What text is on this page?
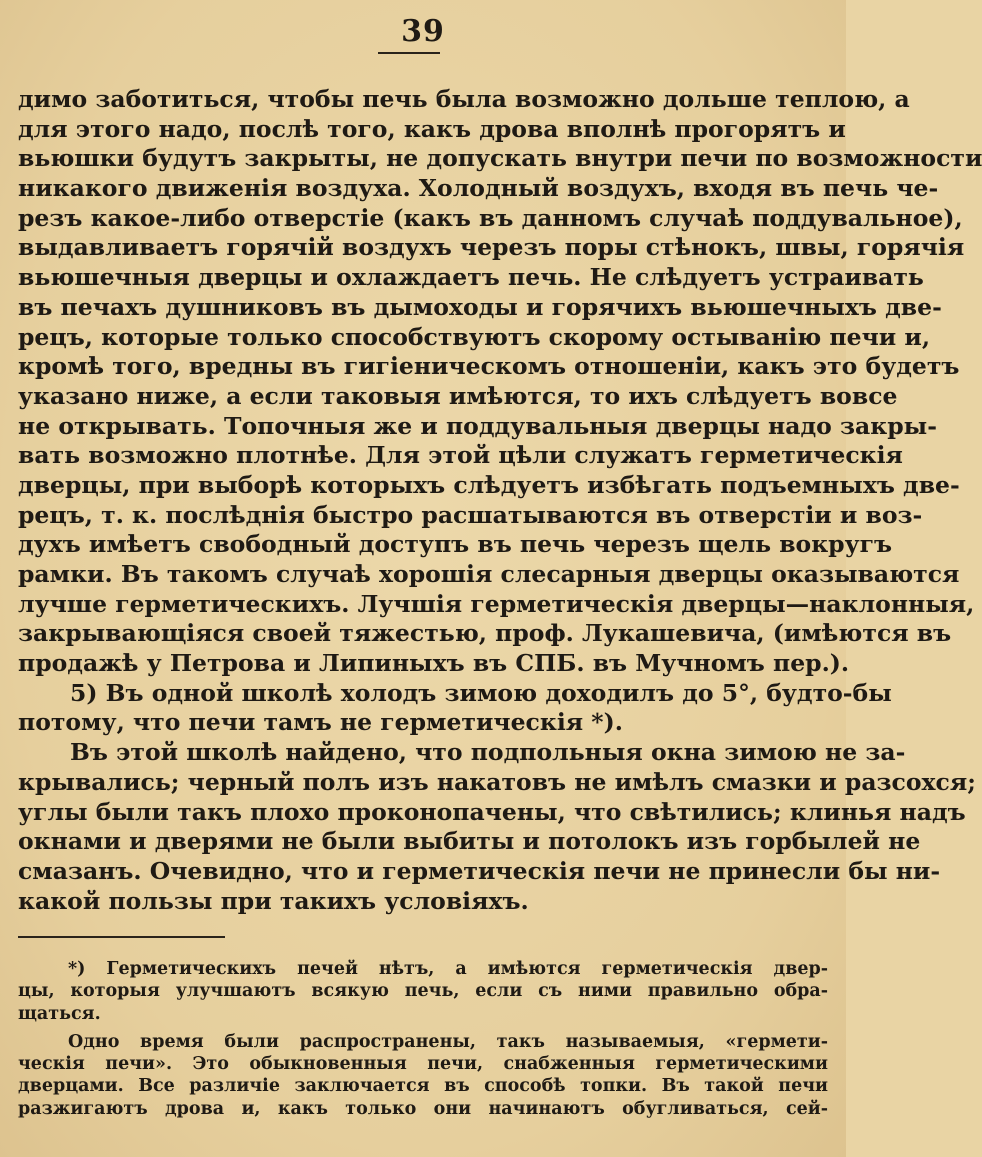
39
димо заботиться, чтобы печь была возможно дольше теплою, а
для этого надо, послѣ того, какъ дрова вполнѣ прогорятъ и
вьюшки будутъ закрыты, не допускать внутри печи по возможности
никакого движенія воздуха. Холодный воздухъ, входя въ печь че-
резъ какое-либо отверстіе (какъ въ данномъ случаѣ поддувальное),
выдавливаетъ горячій воздухъ черезъ поры стѣнокъ, швы, горячія
вьюшечныя дверцы и охлаждаетъ печь. Не слѣдуетъ устраивать
въ печахъ душниковъ въ дымоходы и горячихъ вьюшечныхъ две-
рецъ, которые только способствуютъ скорому остыванію печи и,
кромѣ того, вредны въ гигіеническомъ отношеніи, какъ это будетъ
указано ниже, а если таковыя имѣются, то ихъ слѣдуетъ вовсе
не открывать. Топочныя же и поддувальныя дверцы надо закры-
вать возможно плотнѣе. Для этой цѣли служатъ герметическія
дверцы, при выборѣ которыхъ слѣдуетъ избѣгать подъемныхъ две-
рецъ, т. к. послѣднія быстро расшатываются въ отверстіи и воз-
духъ имѣетъ свободный доступъ въ печь черезъ щель вокругъ
рамки. Въ такомъ случаѣ хорошія слесарныя дверцы оказываются
лучше герметическихъ. Лучшія герметическія дверцы—наклонныя,
закрывающіяся своей тяжестью, проф. Лукашевича, (имѣются въ
продажѣ у Петрова и Липиныхъ въ СПБ. въ Мучномъ пер.).
5) Въ одной школѣ холодъ зимою доходилъ до 5°, будто-бы
потому, что печи тамъ не герметическія *).
Въ этой школѣ найдено, что подпольныя окна зимою не за-
крывались; черный полъ изъ накатовъ не имѣлъ смазки и разсохся;
углы были такъ плохо проконопачены, что свѣтились; клинья надъ
окнами и дверями не были выбиты и потолокъ изъ горбылей не
смазанъ. Очевидно, что и герметическія печи не принесли бы ни-
какой пользы при такихъ условіяхъ.
*) Герметическихъ печей нѣтъ, а имѣются герметическія двер-
цы, которыя улучшаютъ всякую печь, если съ ними правильно обра-
щаться.
Одно время были распространены, такъ называемыя, «гермети-
ческія печи». Это обыкновенныя печи, снабженныя герметическими
дверцами. Все различіе заключается въ способѣ топки. Въ такой печи
разжигаютъ дрова и, какъ только они начинаютъ обугливаться, сей-
